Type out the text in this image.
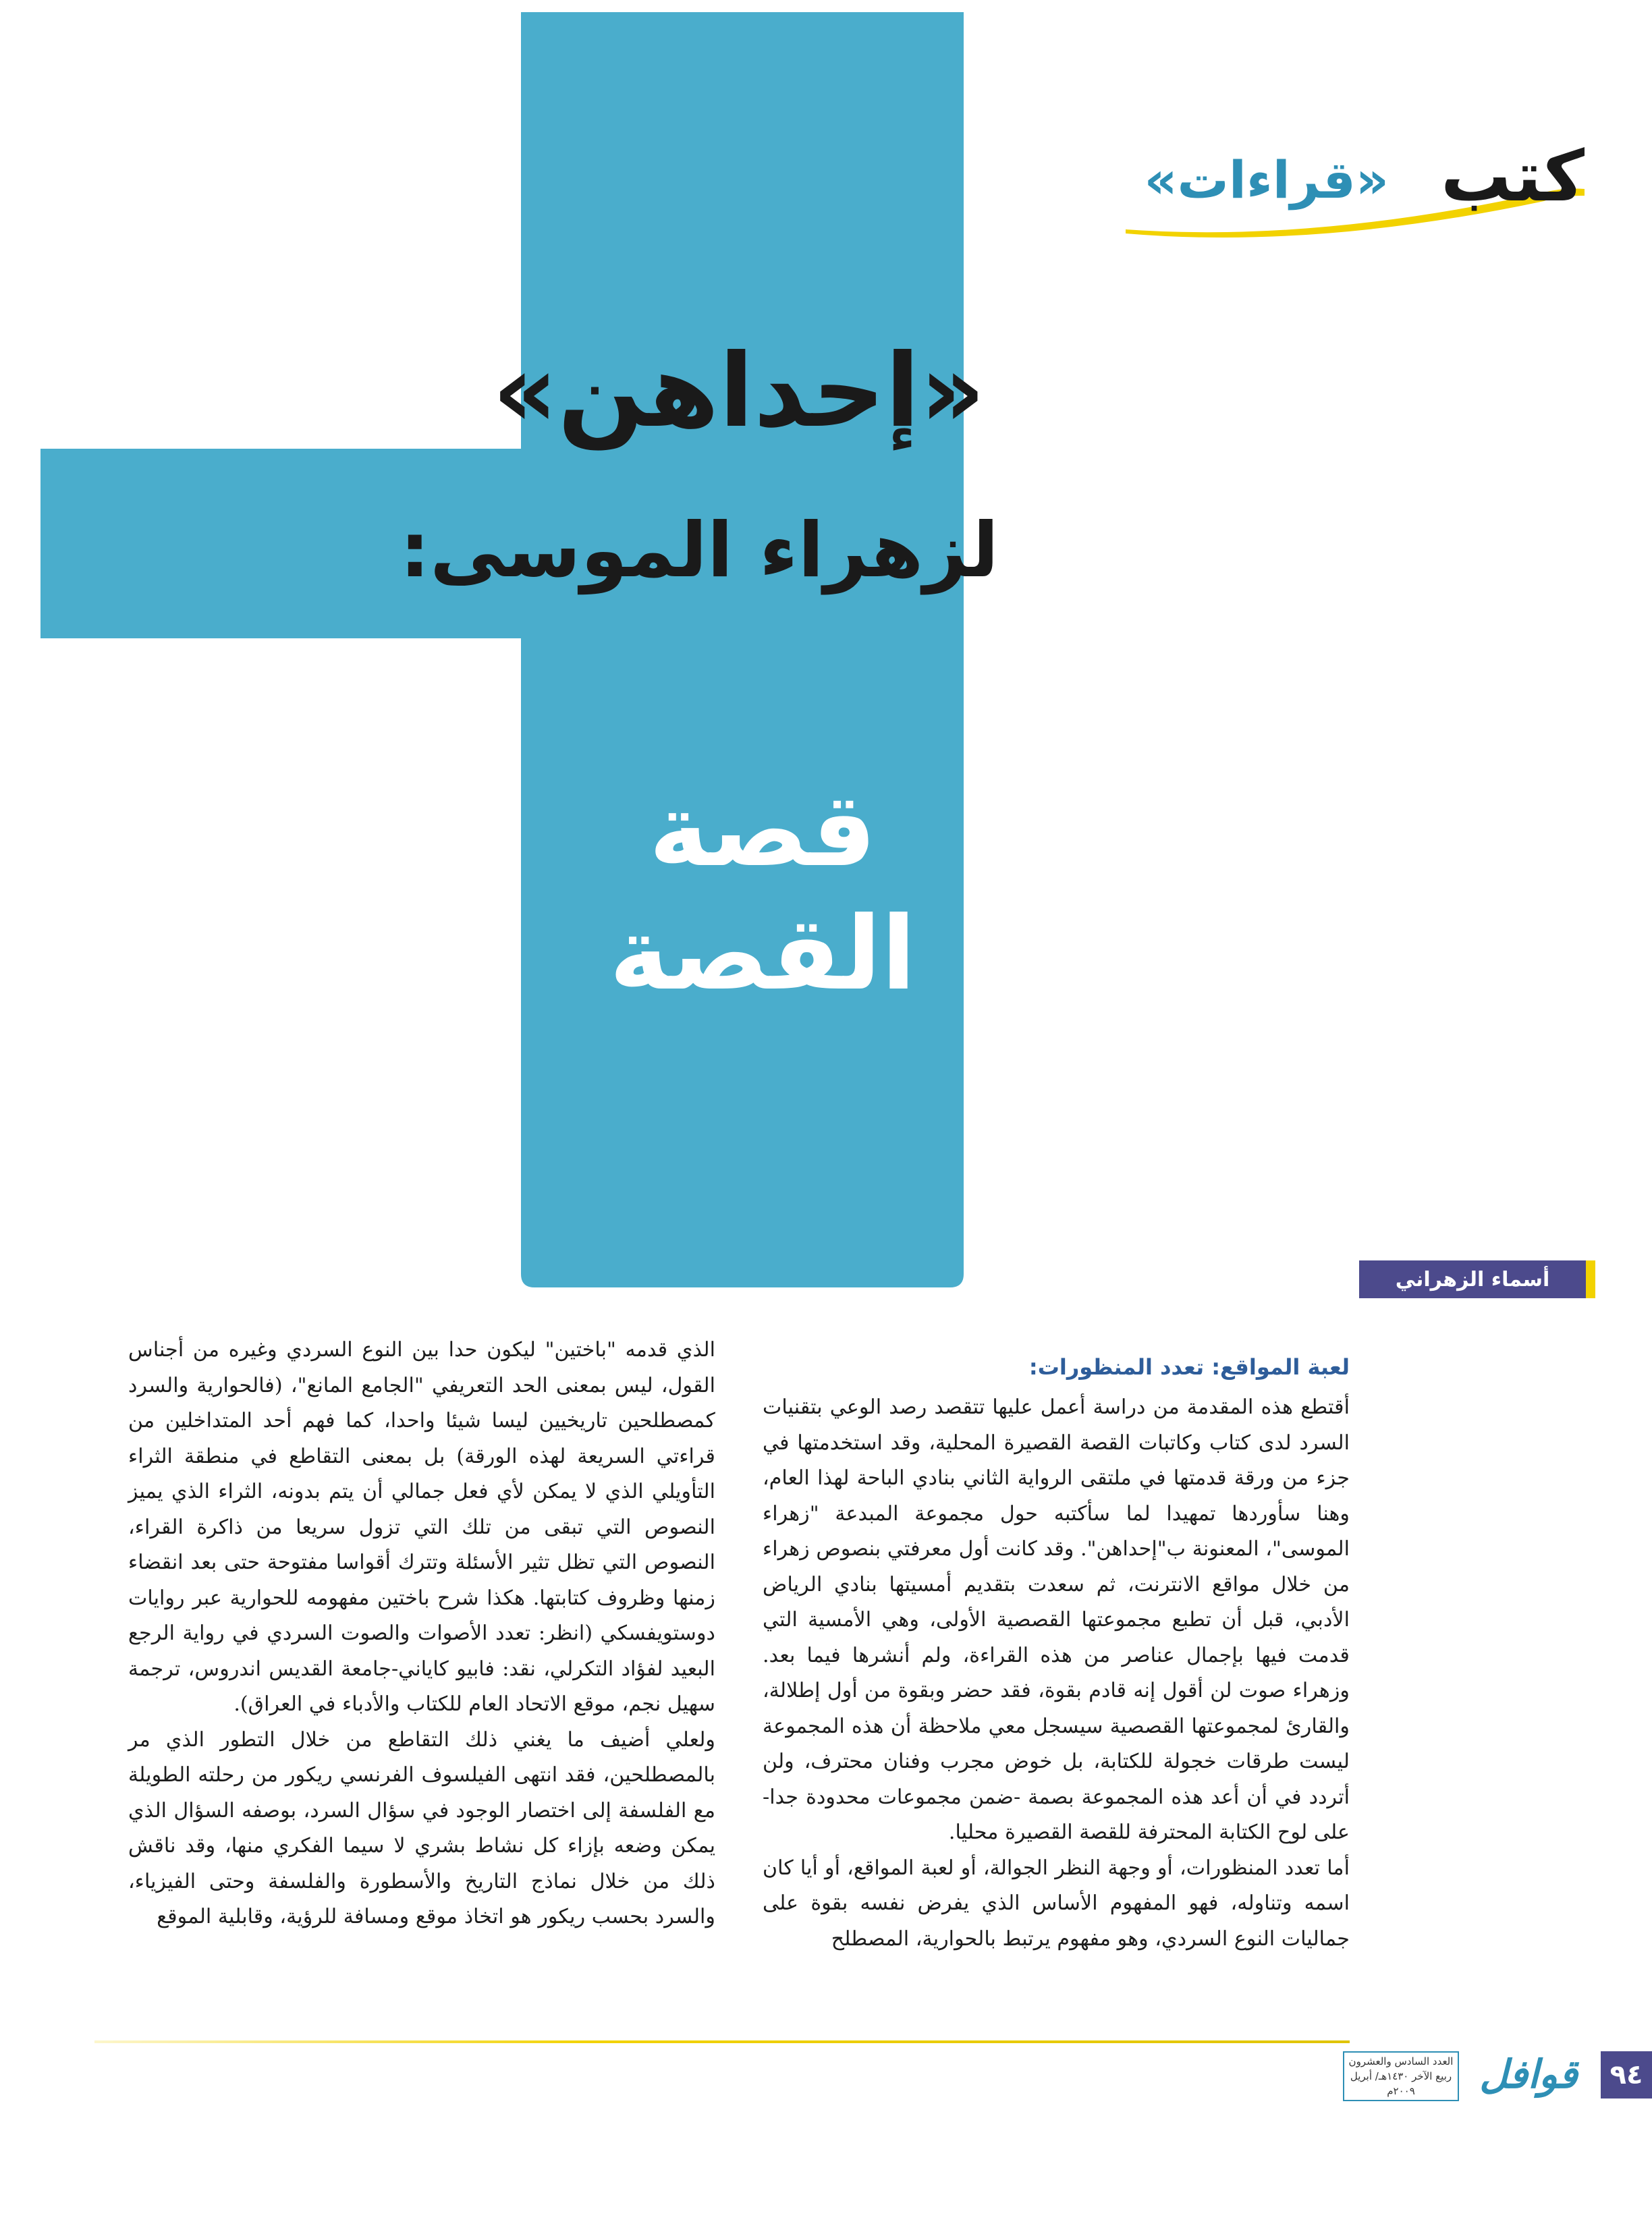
كتب
«قراءات»
«إحداهن»
لزهراء الموسى:
قصة
القصة
أسماء الزهراني
لعبة المواقع: تعدد المنظورات:

أقتطع هذه المقدمة من دراسة أعمل عليها تتقصد رصد الوعي بتقنيات السرد لدى كتاب وكاتبات القصة القصيرة المحلية، وقد استخدمتها في جزء من ورقة قدمتها في ملتقى الرواية الثاني بنادي الباحة لهذا العام، وهنا سأوردها تمهيدا لما سأكتبه حول مجموعة المبدعة "زهراء الموسى"، المعنونة ب"إحداهن". وقد كانت أول معرفتي بنصوص زهراء من خلال مواقع الانترنت، ثم سعدت بتقديم أمسيتها بنادي الرياض الأدبي، قبل أن تطبع مجموعتها القصصية الأولى، وهي الأمسية التي قدمت فيها بإجمال عناصر من هذه القراءة، ولم أنشرها فيما بعد. وزهراء صوت لن أقول إنه قادم بقوة، فقد حضر وبقوة من أول إطلالة، والقارئ لمجموعتها القصصية سيسجل معي ملاحظة أن هذه المجموعة ليست طرقات خجولة للكتابة، بل خوض مجرب وفنان محترف، ولن أتردد في أن أعد هذه المجموعة بصمة -ضمن مجموعات محدودة جدا- على لوح الكتابة المحترفة للقصة القصيرة محليا.

أما تعدد المنظورات، أو وجهة النظر الجوالة، أو لعبة المواقع، أو أيا كان اسمه وتناوله، فهو المفهوم الأساس الذي يفرض نفسه بقوة على جماليات النوع السردي، وهو مفهوم يرتبط بالحوارية، المصطلح

الذي قدمه "باختين" ليكون حدا بين النوع السردي وغيره من أجناس القول، ليس بمعنى الحد التعريفي "الجامع المانع"، (فالحوارية والسرد كمصطلحين تاريخيين ليسا شيئا واحدا، كما فهم أحد المتداخلين من قراءتي السريعة لهذه الورقة) بل بمعنى التقاطع في منطقة الثراء التأويلي الذي لا يمكن لأي فعل جمالي أن يتم بدونه، الثراء الذي يميز النصوص التي تبقى من تلك التي تزول سريعا من ذاكرة القراء، النصوص التي تظل تثير الأسئلة وتترك أقواسا مفتوحة حتى بعد انقضاء زمنها وظروف كتابتها. هكذا شرح باختين مفهومه للحوارية عبر روايات دوستويفسكي (انظر: تعدد الأصوات والصوت السردي في رواية الرجع البعيد لفؤاد التكرلي، نقد: فابيو كاياني-جامعة القديس اندروس، ترجمة سهيل نجم، موقع الاتحاد العام للكتاب والأدباء في العراق).

ولعلي أضيف ما يغني ذلك التقاطع من خلال التطور الذي مر بالمصطلحين، فقد انتهى الفيلسوف الفرنسي ريكور من رحلته الطويلة مع الفلسفة إلى اختصار الوجود في سؤال السرد، بوصفه السؤال الذي يمكن وضعه بإزاء كل نشاط بشري لا سيما الفكري منها، وقد ناقش ذلك من خلال نماذج التاريخ والأسطورة والفلسفة وحتى الفيزياء، والسرد بحسب ريكور هو اتخاذ موقع ومسافة للرؤية، وقابلية الموقع

٩٤
قوافل
العدد السادس والعشرون
ربيع الآخر ١٤٣٠هـ/ أبريل ٢٠٠٩م
